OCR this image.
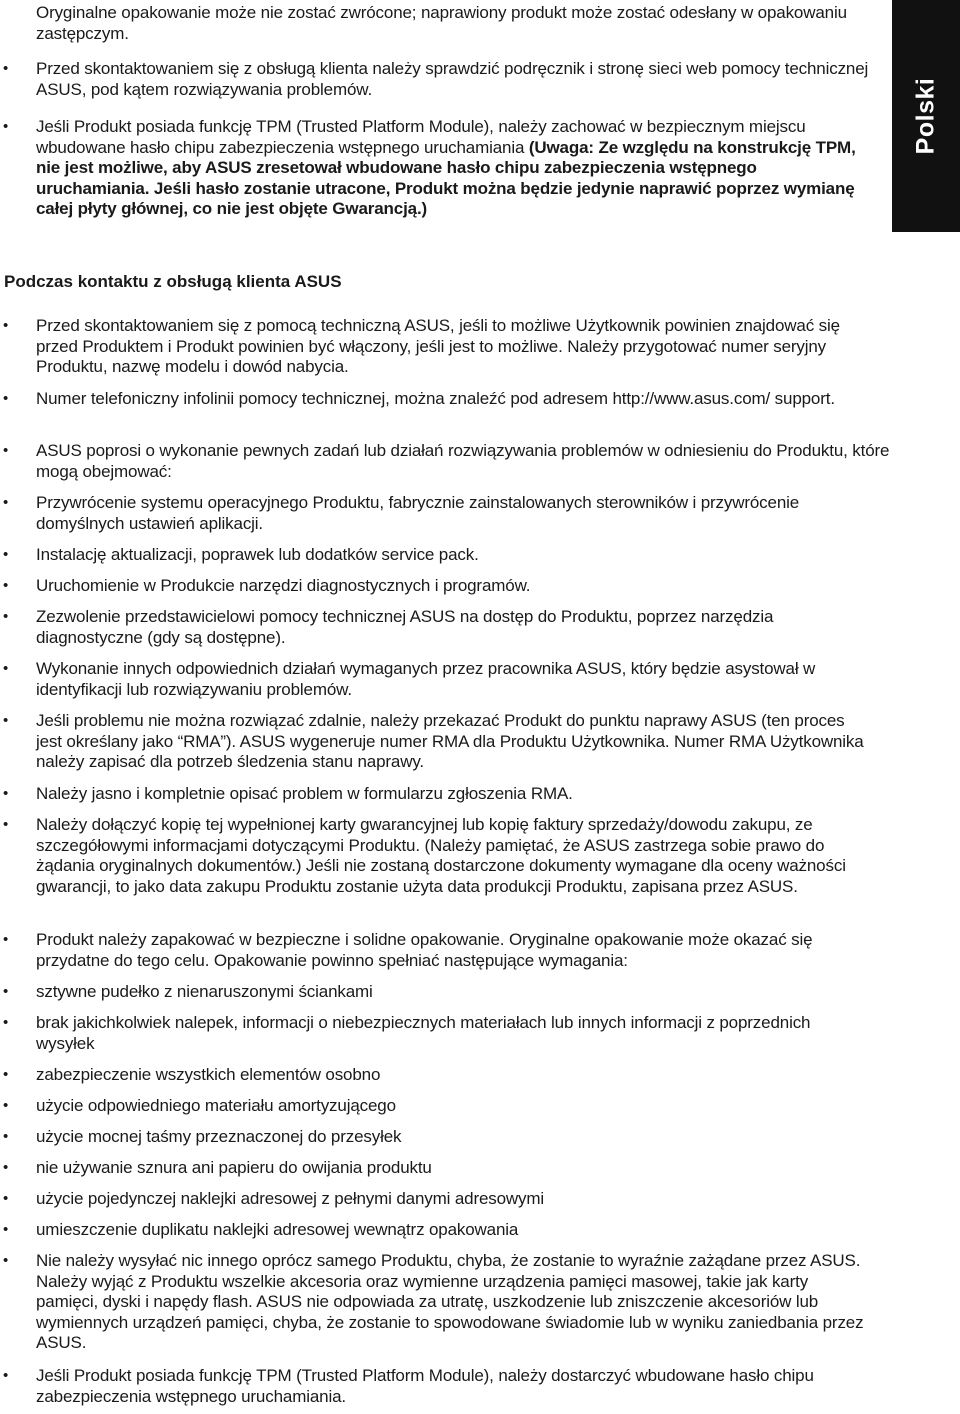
Polski

Oryginalne opakowanie może nie zostać zwrócone; naprawiony produkt może zostać odesłany w opakowaniu zastępczym.

• Przed skontaktowaniem się z obsługą klienta należy sprawdzić podręcznik i stronę sieci web pomocy technicznej ASUS, pod kątem rozwiązywania problemów.

• Jeśli Produkt posiada funkcję TPM (Trusted Platform Module), należy zachować w bezpiecznym miejscu wbudowane hasło chipu zabezpieczenia wstępnego uruchamiania (Uwaga: Ze względu na konstrukcję TPM, nie jest możliwe, aby ASUS zresetował wbudowane hasło chipu zabezpieczenia wstępnego uruchamiania. Jeśli hasło zostanie utracone, Produkt można będzie jedynie naprawić poprzez wymianę całej płyty głównej, co nie jest objęte Gwarancją.)

Podczas kontaktu z obsługą klienta ASUS

• Przed skontaktowaniem się z pomocą techniczną ASUS, jeśli to możliwe Użytkownik powinien znajdować się przed Produktem i Produkt powinien być włączony, jeśli jest to możliwe. Należy przygotować numer seryjny Produktu, nazwę modelu i dowód nabycia.

• Numer telefoniczny infolinii pomocy technicznej, można znaleźć pod adresem http://www.asus.com/ support.

• ASUS poprosi o wykonanie pewnych zadań lub działań rozwiązywania problemów w odniesieniu do Produktu, które mogą obejmować:

• Przywrócenie systemu operacyjnego Produktu, fabrycznie zainstalowanych sterowników i przywrócenie domyślnych ustawień aplikacji.

• Instalację aktualizacji, poprawek lub dodatków service pack.

• Uruchomienie w Produkcie narzędzi diagnostycznych i programów.

• Zezwolenie przedstawicielowi pomocy technicznej ASUS na dostęp do Produktu, poprzez narzędzia diagnostyczne (gdy są dostępne).

• Wykonanie innych odpowiednich działań wymaganych przez pracownika ASUS, który będzie asystował w identyfikacji lub rozwiązywaniu problemów.

• Jeśli problemu nie można rozwiązać zdalnie, należy przekazać Produkt do punktu naprawy ASUS (ten proces jest określany jako “RMA”). ASUS wygeneruje numer RMA dla Produktu Użytkownika. Numer RMA Użytkownika należy zapisać dla potrzeb śledzenia stanu naprawy.

• Należy jasno i kompletnie opisać problem w formularzu zgłoszenia RMA.

• Należy dołączyć kopię tej wypełnionej karty gwarancyjnej lub kopię faktury sprzedaży/dowodu zakupu, ze szczegółowymi informacjami dotyczącymi Produktu. (Należy pamiętać, że ASUS zastrzega sobie prawo do żądania oryginalnych dokumentów.) Jeśli nie zostaną dostarczone dokumenty wymagane dla oceny ważności gwarancji, to jako data zakupu Produktu zostanie użyta data produkcji Produktu, zapisana przez ASUS.

• Produkt należy zapakować w bezpieczne i solidne opakowanie. Oryginalne opakowanie może okazać się przydatne do tego celu. Opakowanie powinno spełniać następujące wymagania:

• sztywne pudełko z nienaruszonymi ściankami

• brak jakichkolwiek nalepek, informacji o niebezpiecznych materiałach lub innych informacji z poprzednich wysyłek

• zabezpieczenie wszystkich elementów osobno

• użycie odpowiedniego materiału amortyzującego

• użycie mocnej taśmy przeznaczonej do przesyłek

• nie używanie sznura ani papieru do owijania produktu

• użycie pojedynczej naklejki adresowej z pełnymi danymi adresowymi

• umieszczenie duplikatu naklejki adresowej wewnątrz opakowania

• Nie należy wysyłać nic innego oprócz samego Produktu, chyba, że zostanie to wyraźnie zażądane przez ASUS. Należy wyjąć z Produktu wszelkie akcesoria oraz wymienne urządzenia pamięci masowej, takie jak karty pamięci, dyski i napędy flash. ASUS nie odpowiada za utratę, uszkodzenie lub zniszczenie akcesoriów lub wymiennych urządzeń pamięci, chyba, że zostanie to spowodowane świadomie lub w wyniku zaniedbania przez ASUS.

• Jeśli Produkt posiada funkcję TPM (Trusted Platform Module), należy dostarczyć wbudowane hasło chipu zabezpieczenia wstępnego uruchamiania.
